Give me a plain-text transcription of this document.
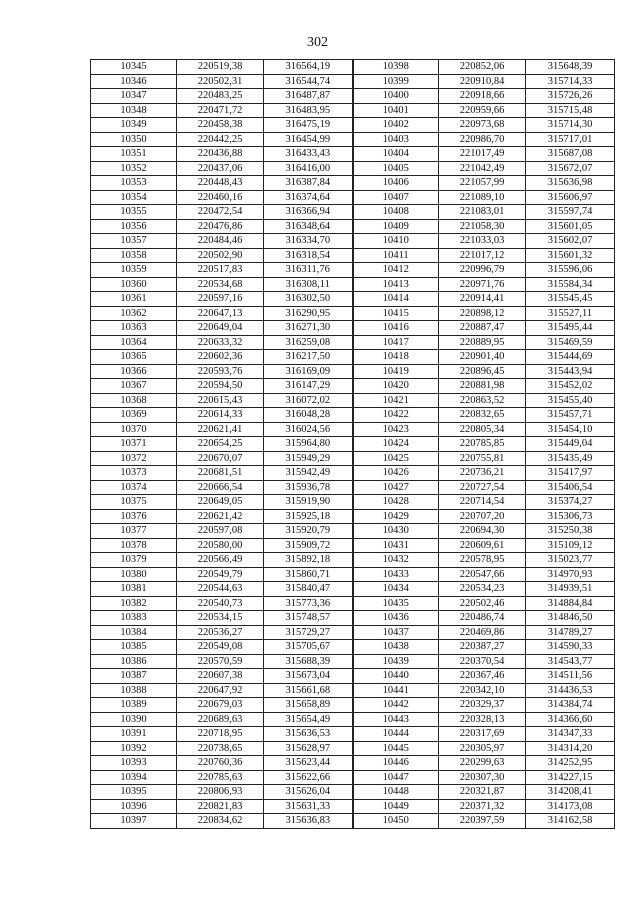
302
10345	220519,38	316564,19	10398	220852,06	315648,39
10346	220502,31	316544,74	10399	220910,84	315714,33
10347	220483,25	316487,87	10400	220918,66	315726,26
10348	220471,72	316483,95	10401	220959,66	315715,48
10349	220458,38	316475,19	10402	220973,68	315714,30
10350	220442,25	316454,99	10403	220986,70	315717,01
10351	220436,88	316433,43	10404	221017,49	315687,08
10352	220437,06	316416,00	10405	221042,49	315672,07
10353	220448,43	316387,84	10406	221057,99	315636,98
10354	220460,16	316374,64	10407	221089,10	315606,97
10355	220472,54	316366,94	10408	221083,01	315597,74
10356	220476,86	316348,64	10409	221058,30	315601,05
10357	220484,46	316334,70	10410	221033,03	315602,07
10358	220502,90	316318,54	10411	221017,12	315601,32
10359	220517,83	316311,76	10412	220996,79	315596,06
10360	220534,68	316308,11	10413	220971,76	315584,34
10361	220597,16	316302,50	10414	220914,41	315545,45
10362	220647,13	316290,95	10415	220898,12	315527,11
10363	220649,04	316271,30	10416	220887,47	315495,44
10364	220633,32	316259,08	10417	220889,95	315469,59
10365	220602,36	316217,50	10418	220901,40	315444,69
10366	220593,76	316169,09	10419	220896,45	315443,94
10367	220594,50	316147,29	10420	220881,98	315452,02
10368	220615,43	316072,02	10421	220863,52	315455,40
10369	220614,33	316048,28	10422	220832,65	315457,71
10370	220621,41	316024,56	10423	220805,34	315454,10
10371	220654,25	315964,80	10424	220785,85	315449,04
10372	220670,07	315949,29	10425	220755,81	315435,49
10373	220681,51	315942,49	10426	220736,21	315417,97
10374	220666,54	315936,78	10427	220727,54	315406,54
10375	220649,05	315919,90	10428	220714,54	315374,27
10376	220621,42	315925,18	10429	220707,20	315306,73
10377	220597,08	315920,79	10430	220694,30	315250,38
10378	220580,00	315909,72	10431	220609,61	315109,12
10379	220566,49	315892,18	10432	220578,95	315023,77
10380	220549,79	315860,71	10433	220547,66	314970,93
10381	220544,63	315840,47	10434	220534,23	314939,51
10382	220540,73	315773,36	10435	220502,46	314884,84
10383	220534,15	315748,57	10436	220486,74	314846,50
10384	220536,27	315729,27	10437	220469,86	314789,27
10385	220549,08	315705,67	10438	220387,27	314590,33
10386	220570,59	315688,39	10439	220370,54	314543,77
10387	220607,38	315673,04	10440	220367,46	314511,56
10388	220647,92	315661,68	10441	220342,10	314436,53
10389	220679,03	315658,89	10442	220329,37	314384,74
10390	220689,63	315654,49	10443	220328,13	314366,60
10391	220718,95	315636,53	10444	220317,69	314347,33
10392	220738,65	315628,97	10445	220305,97	314314,20
10393	220760,36	315623,44	10446	220299,63	314252,95
10394	220785,63	315622,66	10447	220307,30	314227,15
10395	220806,93	315626,04	10448	220321,87	314208,41
10396	220821,83	315631,33	10449	220371,32	314173,08
10397	220834,62	315636,83	10450	220397,59	314162,58
